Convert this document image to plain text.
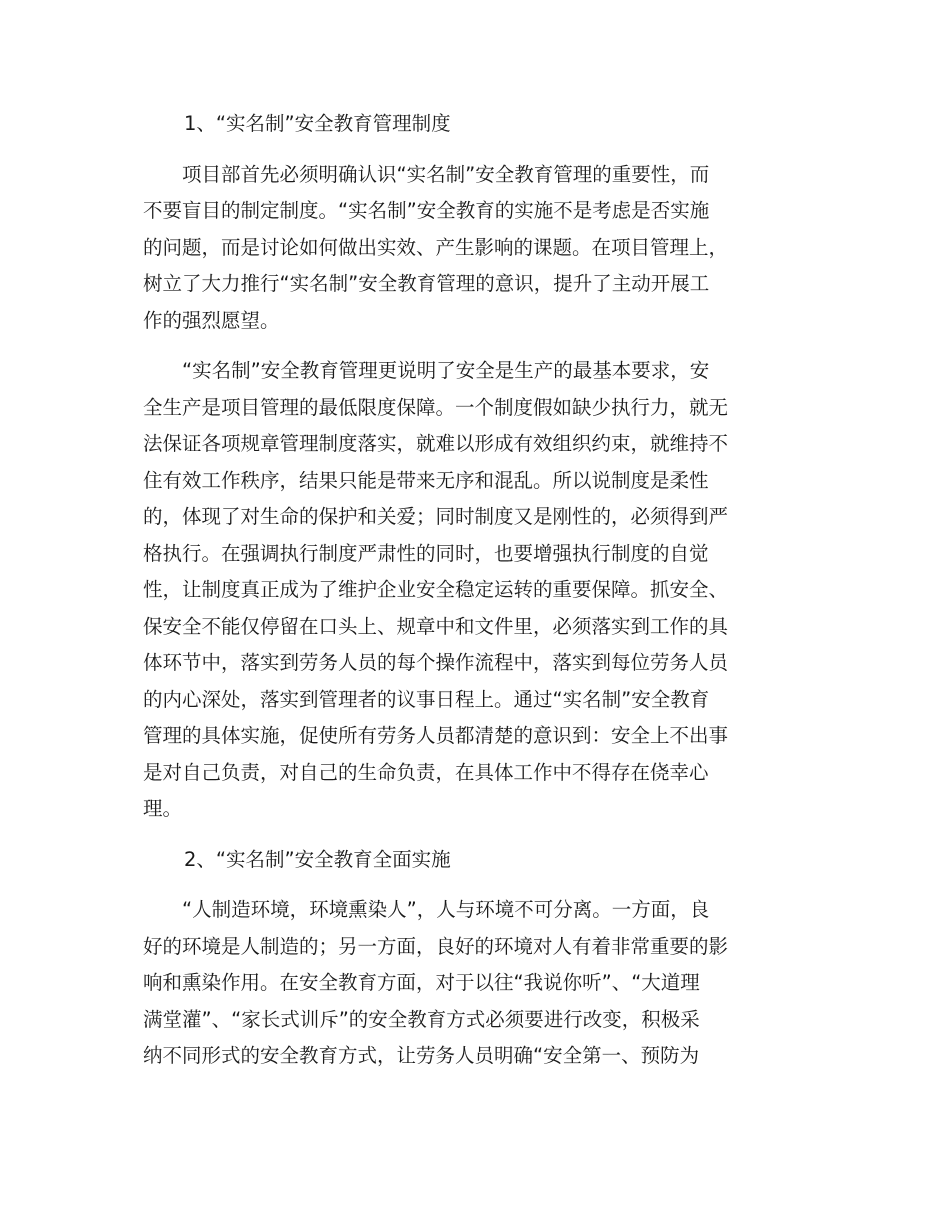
1、“实名制”安全教育管理制度

项目部首先必须明确认识“实名制”安全教育管理的重要性，而
不要盲目的制定制度。“实名制”安全教育的实施不是考虑是否实施
的问题，而是讨论如何做出实效、产生影响的课题。在项目管理上，
树立了大力推行“实名制”安全教育管理的意识，提升了主动开展工
作的强烈愿望。

“实名制”安全教育管理更说明了安全是生产的最基本要求，安
全生产是项目管理的最低限度保障。一个制度假如缺少执行力，就无
法保证各项规章管理制度落实，就难以形成有效组织约束，就维持不
住有效工作秩序，结果只能是带来无序和混乱。所以说制度是柔性
的，体现了对生命的保护和关爱；同时制度又是刚性的，必须得到严
格执行。在强调执行制度严肃性的同时，也要增强执行制度的自觉
性，让制度真正成为了维护企业安全稳定运转的重要保障。抓安全、
保安全不能仅停留在口头上、规章中和文件里，必须落实到工作的具
体环节中，落实到劳务人员的每个操作流程中，落实到每位劳务人员
的内心深处，落实到管理者的议事日程上。通过“实名制”安全教育
管理的具体实施，促使所有劳务人员都清楚的意识到：安全上不出事
是对自己负责，对自己的生命负责，在具体工作中不得存在侥幸心
理。

2、“实名制”安全教育全面实施

“人制造环境，环境熏染人”，人与环境不可分离。一方面，良
好的环境是人制造的；另一方面，良好的环境对人有着非常重要的影
响和熏染作用。在安全教育方面，对于以往“我说你听”、“大道理
满堂灌”、“家长式训斥”的安全教育方式必须要进行改变，积极采
纳不同形式的安全教育方式，让劳务人员明确“安全第一、预防为
